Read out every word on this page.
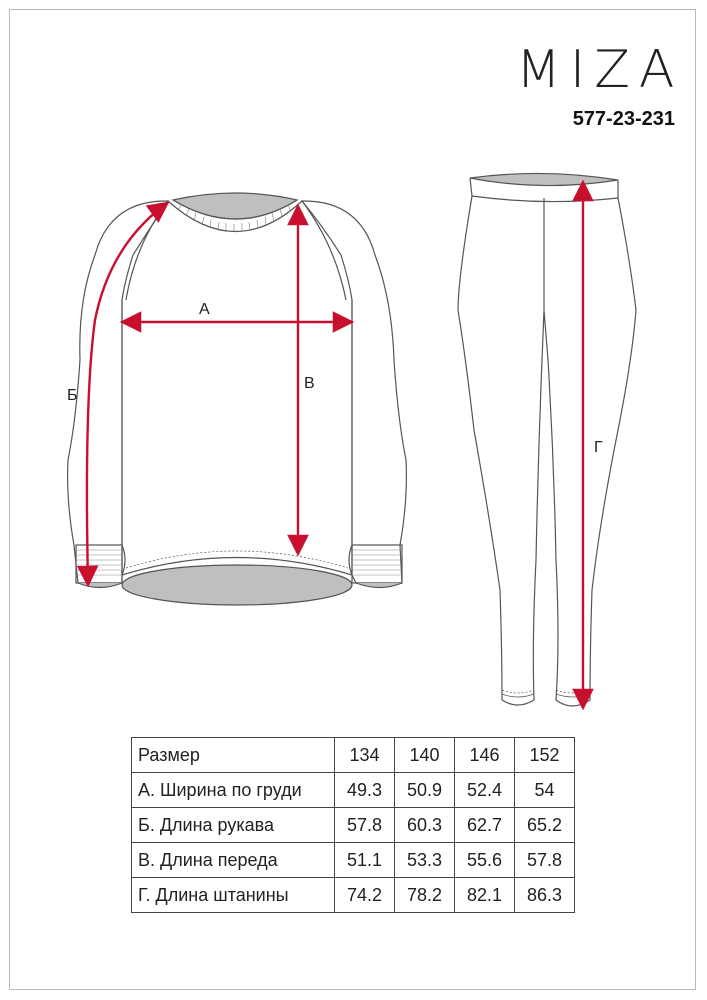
MIZA
577-23-231
А
В
Б
Г
Размер	134	140	146	152
А. Ширина по груди	49.3	50.9	52.4	54
Б. Длина рукава	57.8	60.3	62.7	65.2
В. Длина переда	51.1	53.3	55.6	57.8
Г. Длина штанины	74.2	78.2	82.1	86.3
